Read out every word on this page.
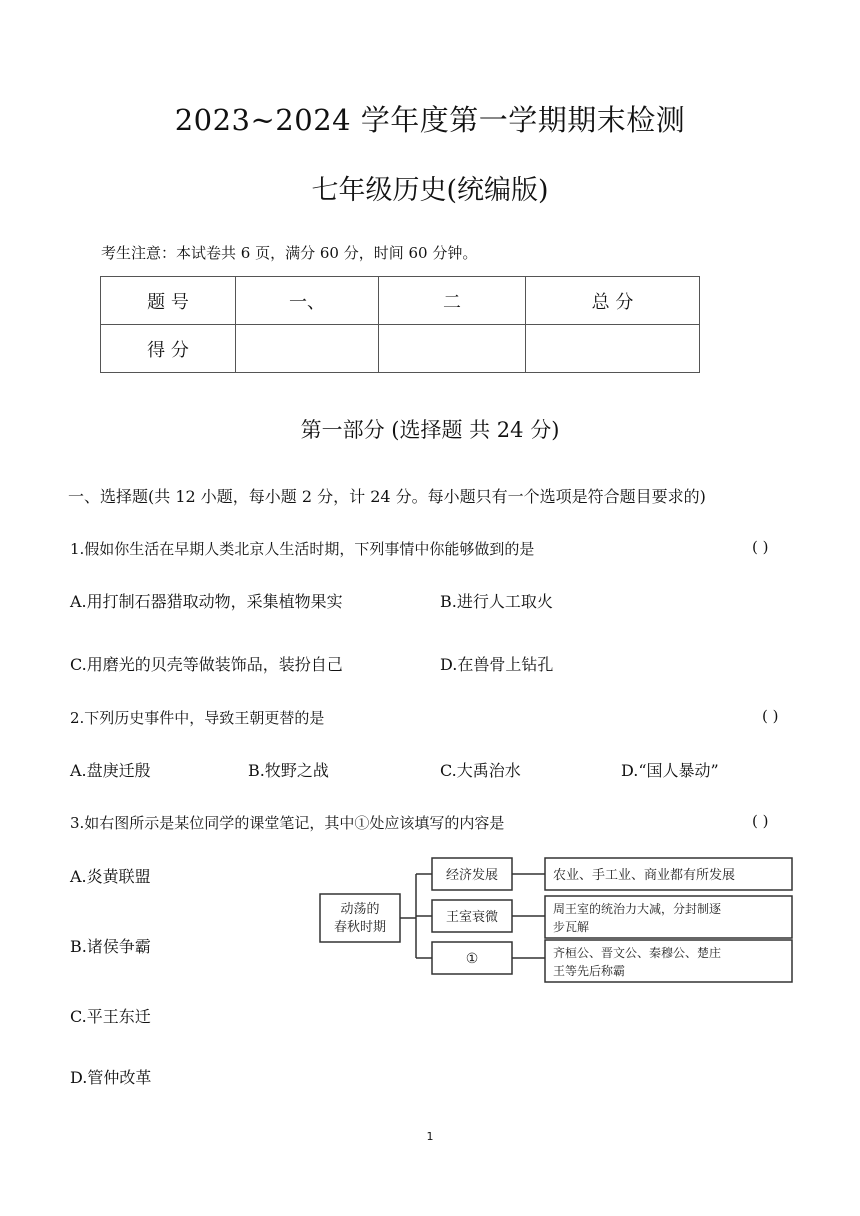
2023~2024 学年度第一学期期末检测
七年级历史(统编版)
考生注意：本试卷共 6 页，满分 60 分，时间 60 分钟。
题 号	一、	二	总 分
得 分			
第一部分 (选择题 共 24 分)
一、选择题(共 12 小题，每小题 2 分，计 24 分。每小题只有一个选项是符合题目要求的)
1.假如你生活在早期人类北京人生活时期，下列事情中你能够做到的是	( )
A.用打制石器猎取动物，采集植物果实	B.进行人工取火
C.用磨光的贝壳等做装饰品，装扮自己	D.在兽骨上钻孔
2.下列历史事件中，导致王朝更替的是	( )
A.盘庚迁殷	B.牧野之战	C.大禹治水	D.“国人暴动”
3.如右图所示是某位同学的课堂笔记，其中①处应该填写的内容是	( )
A.炎黄联盟
B.诸侯争霸
C.平王东迁
D.管仲改革
动荡的
春秋时期
经济发展
王室衰微
①
农业、手工业、商业都有所发展
周王室的统治力大减，分封制逐
步瓦解
齐桓公、晋文公、秦穆公、楚庄
王等先后称霸
1
